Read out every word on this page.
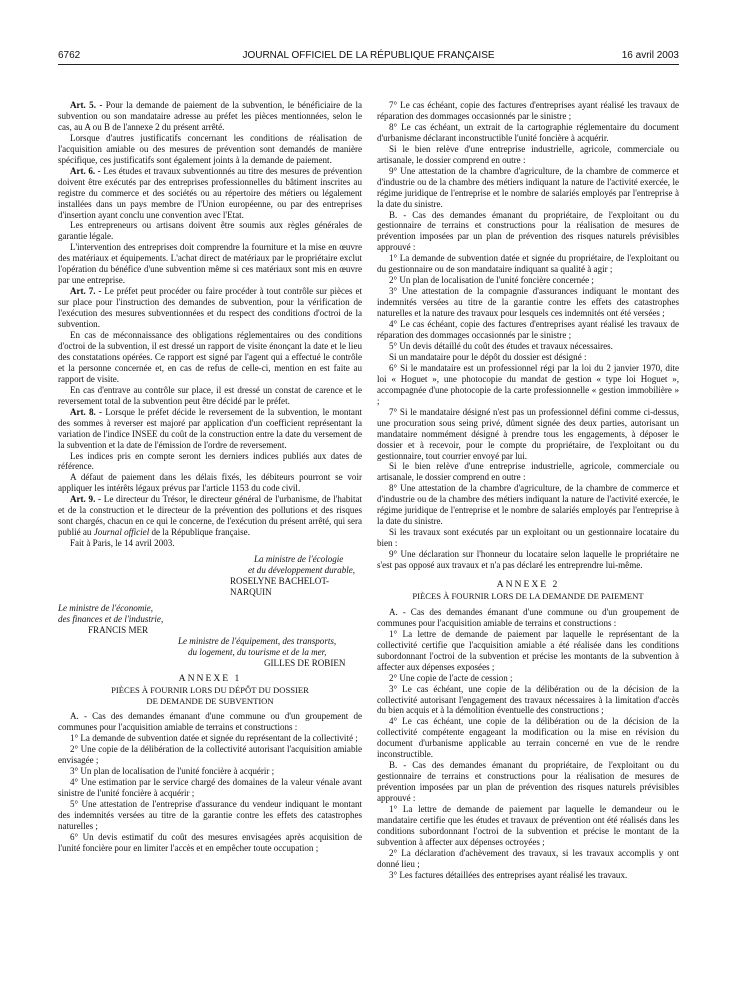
6762	JOURNAL OFFICIEL DE LA RÉPUBLIQUE FRANÇAISE	16 avril 2003

Art. 5. - Pour la demande de paiement de la subvention, le bénéficiaire de la subvention ou son mandataire adresse au préfet les pièces mentionnées, selon le cas, au A ou B de l'annexe 2 du présent arrêté.

Lorsque d'autres justificatifs concernant les conditions de réalisation de l'acquisition amiable ou des mesures de prévention sont demandés de manière spécifique, ces justificatifs sont également joints à la demande de paiement.

Art. 6. - Les études et travaux subventionnés au titre des mesures de prévention doivent être exécutés par des entreprises professionnelles du bâtiment inscrites au registre du commerce et des sociétés ou au répertoire des métiers ou légalement installées dans un pays membre de l'Union européenne, ou par des entreprises d'insertion ayant conclu une convention avec l'Etat.

Les entrepreneurs ou artisans doivent être soumis aux règles générales de garantie légale.

L'intervention des entreprises doit comprendre la fourniture et la mise en œuvre des matériaux et équipements. L'achat direct de matériaux par le propriétaire exclut l'opération du bénéfice d'une subvention même si ces matériaux sont mis en œuvre par une entreprise.

Art. 7. - Le préfet peut procéder ou faire procéder à tout contrôle sur pièces et sur place pour l'instruction des demandes de subvention, pour la vérification de l'exécution des mesures subventionnées et du respect des conditions d'octroi de la subvention.

En cas de méconnaissance des obligations réglementaires ou des conditions d'octroi de la subvention, il est dressé un rapport de visite énonçant la date et le lieu des constatations opérées. Ce rapport est signé par l'agent qui a effectué le contrôle et la personne concernée et, en cas de refus de celle-ci, mention en est faite au rapport de visite.

En cas d'entrave au contrôle sur place, il est dressé un constat de carence et le reversement total de la subvention peut être décidé par le préfet.

Art. 8. - Lorsque le préfet décide le reversement de la subvention, le montant des sommes à reverser est majoré par application d'un coefficient représentant la variation de l'indice INSEE du coût de la construction entre la date du versement de la subvention et la date de l'émission de l'ordre de reversement.

Les indices pris en compte seront les derniers indices publiés aux dates de référence.

A défaut de paiement dans les délais fixés, les débiteurs pourront se voir appliquer les intérêts légaux prévus par l'article 1153 du code civil.

Art. 9. - Le directeur du Trésor, le directeur général de l'urbanisme, de l'habitat et de la construction et le directeur de la prévention des pollutions et des risques sont chargés, chacun en ce qui le concerne, de l'exécution du présent arrêté, qui sera publié au Journal officiel de la République française.

Fait à Paris, le 14 avril 2003.

La ministre de l'écologie

et du développement durable,

ROSELYNE BACHELOT-NARQUIN

Le ministre de l'économie,

des finances et de l'industrie,

FRANCIS MER

Le ministre de l'équipement, des transports,

du logement, du tourisme et de la mer,

GILLES DE ROBIEN

ANNEXE 1

PIÈCES À FOURNIR LORS DU DÉPÔT DU DOSSIER

DE DEMANDE DE SUBVENTION

A. - Cas des demandes émanant d'une commune ou d'un groupement de communes pour l'acquisition amiable de terrains et constructions :

1° La demande de subvention datée et signée du représentant de la collectivité ;

2° Une copie de la délibération de la collectivité autorisant l'acquisition amiable envisagée ;

3° Un plan de localisation de l'unité foncière à acquérir ;

4° Une estimation par le service chargé des domaines de la valeur vénale avant sinistre de l'unité foncière à acquérir ;

5° Une attestation de l'entreprise d'assurance du vendeur indiquant le montant des indemnités versées au titre de la garantie contre les effets des catastrophes naturelles ;

6° Un devis estimatif du coût des mesures envisagées après acquisition de l'unité foncière pour en limiter l'accès et en empêcher toute occupation ;

7° Le cas échéant, copie des factures d'entreprises ayant réalisé les travaux de réparation des dommages occasionnés par le sinistre ;

8° Le cas échéant, un extrait de la cartographie réglementaire du document d'urbanisme déclarant inconstructible l'unité foncière à acquérir.

Si le bien relève d'une entreprise industrielle, agricole, commerciale ou artisanale, le dossier comprend en outre :

9° Une attestation de la chambre d'agriculture, de la chambre de commerce et d'industrie ou de la chambre des métiers indiquant la nature de l'activité exercée, le régime juridique de l'entreprise et le nombre de salariés employés par l'entreprise à la date du sinistre.

B. - Cas des demandes émanant du propriétaire, de l'exploitant ou du gestionnaire de terrains et constructions pour la réalisation de mesures de prévention imposées par un plan de prévention des risques naturels prévisibles approuvé :

1° La demande de subvention datée et signée du propriétaire, de l'exploitant ou du gestionnaire ou de son mandataire indiquant sa qualité à agir ;

2° Un plan de localisation de l'unité foncière concernée ;

3° Une attestation de la compagnie d'assurances indiquant le montant des indemnités versées au titre de la garantie contre les effets des catastrophes naturelles et la nature des travaux pour lesquels ces indemnités ont été versées ;

4° Le cas échéant, copie des factures d'entreprises ayant réalisé les travaux de réparation des dommages occasionnés par le sinistre ;

5° Un devis détaillé du coût des études et travaux nécessaires.

Si un mandataire pour le dépôt du dossier est désigné :

6° Si le mandataire est un professionnel régi par la loi du 2 janvier 1970, dite loi « Hoguet », une photocopie du mandat de gestion « type loi Hoguet », accompagnée d'une photocopie de la carte professionnelle « gestion immobilière » ;

7° Si le mandataire désigné n'est pas un professionnel défini comme ci-dessus, une procuration sous seing privé, dûment signée des deux parties, autorisant un mandataire nommément désigné à prendre tous les engagements, à déposer le dossier et à recevoir, pour le compte du propriétaire, de l'exploitant ou du gestionnaire, tout courrier envoyé par lui.

Si le bien relève d'une entreprise industrielle, agricole, commerciale ou artisanale, le dossier comprend en outre :

8° Une attestation de la chambre d'agriculture, de la chambre de commerce et d'industrie ou de la chambre des métiers indiquant la nature de l'activité exercée, le régime juridique de l'entreprise et le nombre de salariés employés par l'entreprise à la date du sinistre.

Si les travaux sont exécutés par un exploitant ou un gestionnaire locataire du bien :

9° Une déclaration sur l'honneur du locataire selon laquelle le propriétaire ne s'est pas opposé aux travaux et n'a pas déclaré les entreprendre lui-même.

ANNEXE 2

PIÈCES À FOURNIR LORS DE LA DEMANDE DE PAIEMENT

A. - Cas des demandes émanant d'une commune ou d'un groupement de communes pour l'acquisition amiable de terrains et constructions :

1° La lettre de demande de paiement par laquelle le représentant de la collectivité certifie que l'acquisition amiable a été réalisée dans les conditions subordonnant l'octroi de la subvention et précise les montants de la subvention à affecter aux dépenses exposées ;

2° Une copie de l'acte de cession ;

3° Le cas échéant, une copie de la délibération ou de la décision de la collectivité autorisant l'engagement des travaux nécessaires à la limitation d'accès du bien acquis et à la démolition éventuelle des constructions ;

4° Le cas échéant, une copie de la délibération ou de la décision de la collectivité compétente engageant la modification ou la mise en révision du document d'urbanisme applicable au terrain concerné en vue de le rendre inconstructible.

B. - Cas des demandes émanant du propriétaire, de l'exploitant ou du gestionnaire de terrains et constructions pour la réalisation de mesures de prévention imposées par un plan de prévention des risques naturels prévisibles approuvé :

1° La lettre de demande de paiement par laquelle le demandeur ou le mandataire certifie que les études et travaux de prévention ont été réalisés dans les conditions subordonnant l'octroi de la subvention et précise le montant de la subvention à affecter aux dépenses octroyées ;

2° La déclaration d'achèvement des travaux, si les travaux accomplis y ont donné lieu ;

3° Les factures détaillées des entreprises ayant réalisé les travaux.
